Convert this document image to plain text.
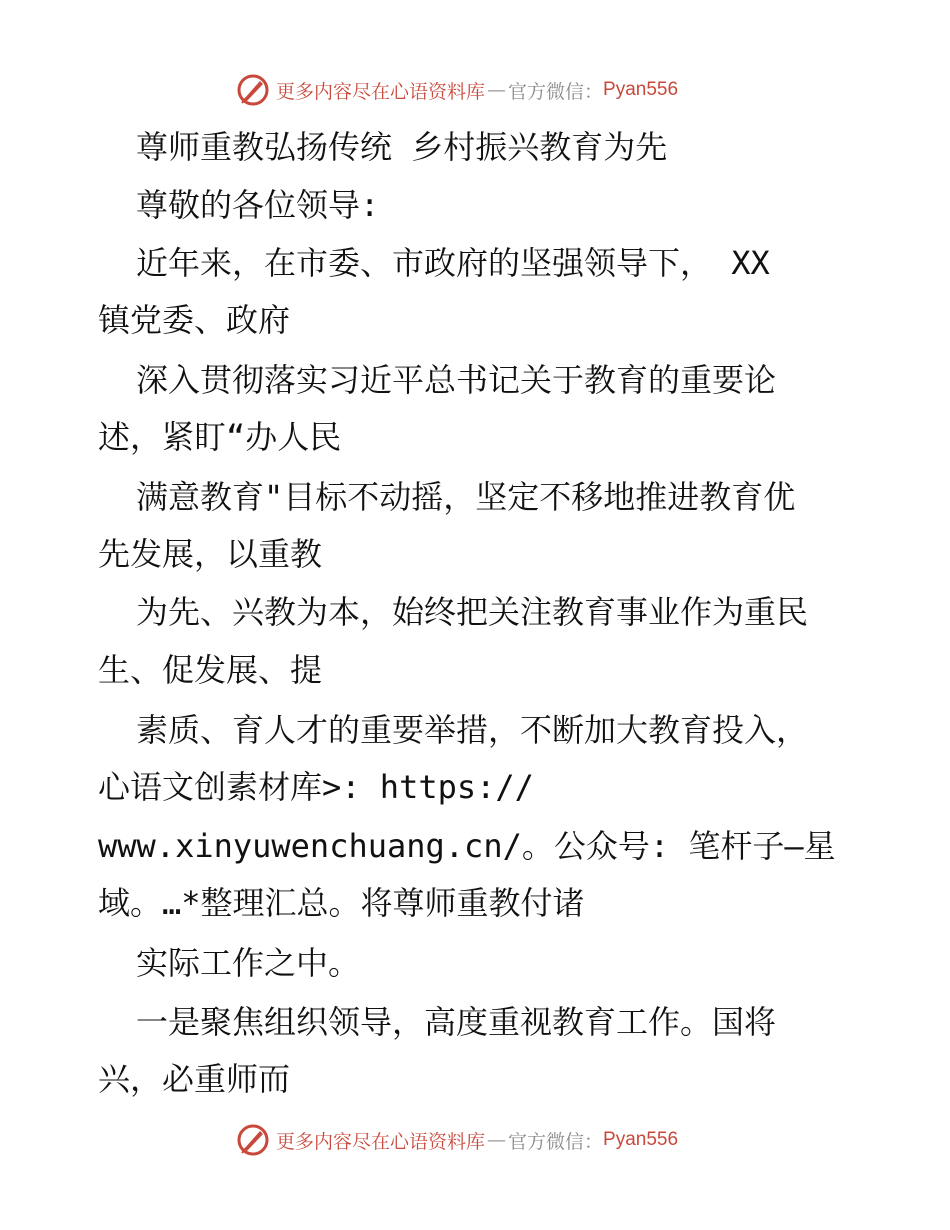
更多内容尽在心语资料库 — 官方微信： Pyan556
尊师重教弘扬传统 乡村振兴教育为先
尊敬的各位领导:
近年来，在市委、市政府的坚强领导下， XX
镇党委、政府
深入贯彻落实习近平总书记关于教育的重要论
述，紧盯“办人民
满意教育"目标不动摇，坚定不移地推进教育优
先发展，以重教
为先、兴教为本，始终把关注教育事业作为重民
生、促发展、提
素质、育人才的重要举措，不断加大教育投入，
心语文创素材库>: https://
www.xinyuwenchuang.cn/。公众号: 笔杆子—星
域。…*整理汇总。将尊师重教付诸
实际工作之中。
一是聚焦组织领导，高度重视教育工作。国将
兴，必重师而
更多内容尽在心语资料库 — 官方微信： Pyan556
